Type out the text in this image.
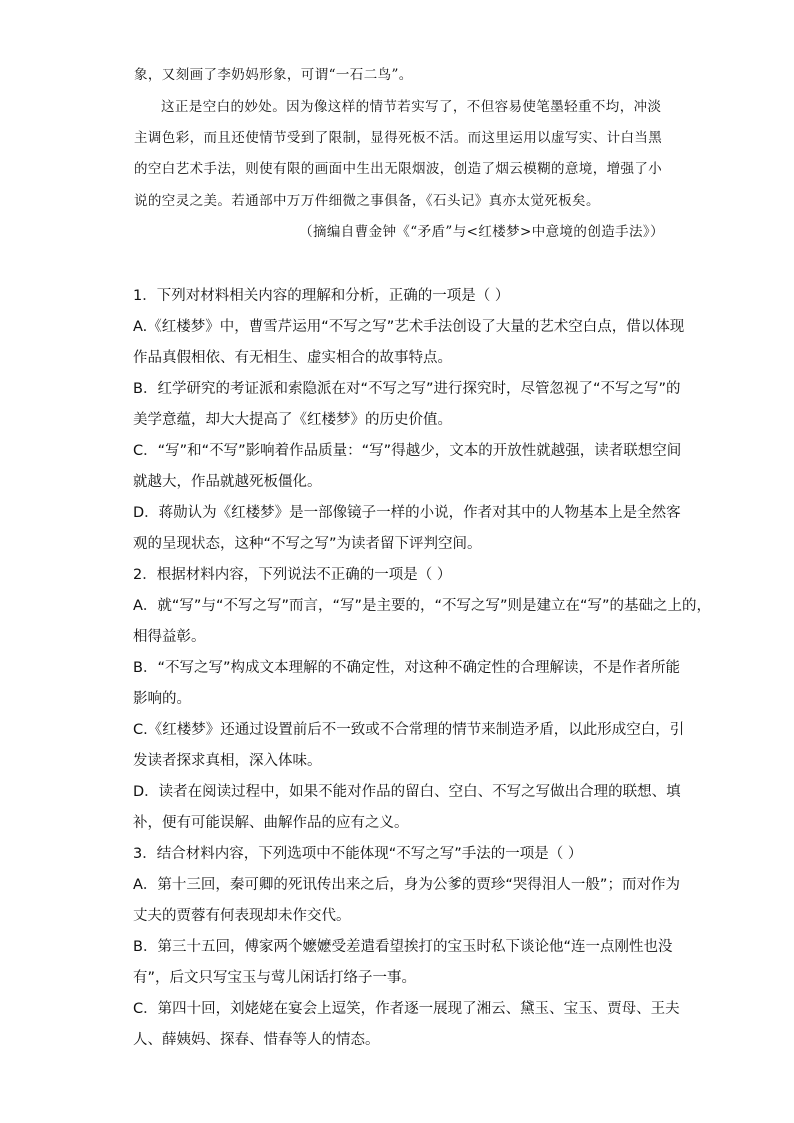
象，又刻画了李奶妈形象，可谓“一石二鸟”。
这正是空白的妙处。因为像这样的情节若实写了，不但容易使笔墨轻重不均，冲淡
主调色彩，而且还使情节受到了限制，显得死板不活。而这里运用以虚写实、计白当黑
的空白艺术手法，则使有限的画面中生出无限烟波，创造了烟云模糊的意境，增强了小
说的空灵之美。若通部中万万件细微之事俱备，《石头记》真亦太觉死板矣。
（摘编自曹金钟《“矛盾”与<红楼梦>中意境的创造手法》）
1．下列对材料相关内容的理解和分析，正确的一项是（ ）
A.《红楼梦》中，曹雪芹运用“不写之写”艺术手法创设了大量的艺术空白点，借以体现
作品真假相依、有无相生、虚实相合的故事特点。
B．红学研究的考证派和索隐派在对“不写之写”进行探究时，尽管忽视了“不写之写”的
美学意蕴，却大大提高了《红楼梦》的历史价值。
C．“写”和“不写”影响着作品质量：“写”得越少，文本的开放性就越强，读者联想空间
就越大，作品就越死板僵化。
D．蒋勋认为《红楼梦》是一部像镜子一样的小说，作者对其中的人物基本上是全然客
观的呈现状态，这种“不写之写”为读者留下评判空间。
2．根据材料内容，下列说法不正确的一项是（ ）
A．就“写”与“不写之写”而言，“写”是主要的，“不写之写”则是建立在“写”的基础之上的，
相得益彰。
B．“不写之写”构成文本理解的不确定性，对这种不确定性的合理解读，不是作者所能
影响的。
C.《红楼梦》还通过设置前后不一致或不合常理的情节来制造矛盾，以此形成空白，引
发读者探求真相，深入体味。
D．读者在阅读过程中，如果不能对作品的留白、空白、不写之写做出合理的联想、填
补，便有可能误解、曲解作品的应有之义。
3．结合材料内容，下列选项中不能体现“不写之写”手法的一项是（ ）
A．第十三回，秦可卿的死讯传出来之后，身为公爹的贾珍“哭得泪人一般”；而对作为
丈夫的贾蓉有何表现却未作交代。
B．第三十五回，傅家两个嬷嬷受差遣看望挨打的宝玉时私下谈论他“连一点刚性也没
有”，后文只写宝玉与莺儿闲话打络子一事。
C．第四十回，刘姥姥在宴会上逗笑，作者逐一展现了湘云、黛玉、宝玉、贾母、王夫
人、薛姨妈、探春、惜春等人的情态。
